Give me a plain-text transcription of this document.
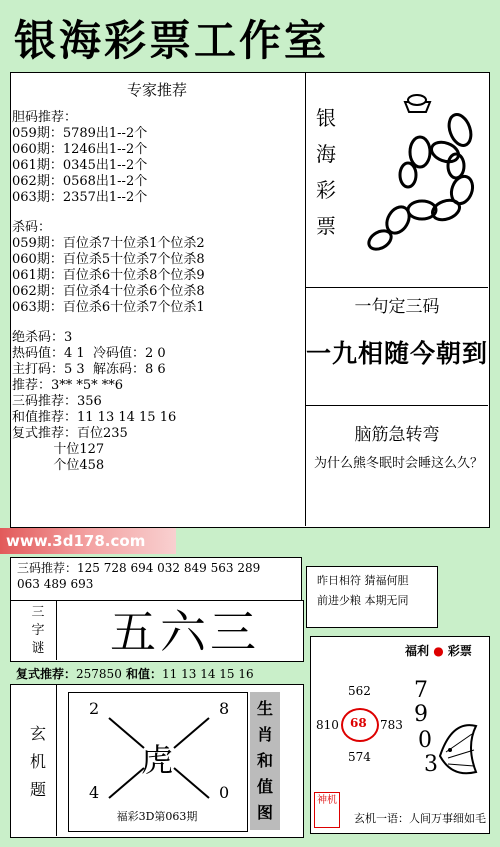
银海彩票工作室
专家推荐
胆码推荐：
059期：5789出1--2个
060期：1246出1--2个
061期：0345出1--2个
062期：0568出1--2个
063期：2357出1--2个
杀码：
059期：百位杀7十位杀1个位杀2
060期：百位杀5十位杀7个位杀8
061期：百位杀6十位杀8个位杀9
062期：百位杀4十位杀6个位杀8
063期：百位杀6十位杀7个位杀1
绝杀码：3
热码值：4 1  冷码值：2 0
主打码：5 3  解冻码：8 6
推荐：3** *5* **6
三码推荐：356
和值推荐：11 13 14 15 16
复式推荐：百位235
十位127
个位458
银
海
彩
票
一句定三码
一九相随今朝到
脑筋急转弯
为什么熊冬眠时会睡这么久？
www.3d178.com
三码推荐：125 728 694 032 849 563 289
063 489 693	昨日相符 猜福何胆
前进少粮 本期无同
三
字
谜 五六三
复式推荐：257850 和值：11 13 14 15 16
玄
机
题
2	8
4	0
虎
生
肖
和
值
图
福彩3D第063期
福利 ● 彩票
562
810 68 783
574
7
9
0
3
神机
玄机一语：人间万事细如毛
